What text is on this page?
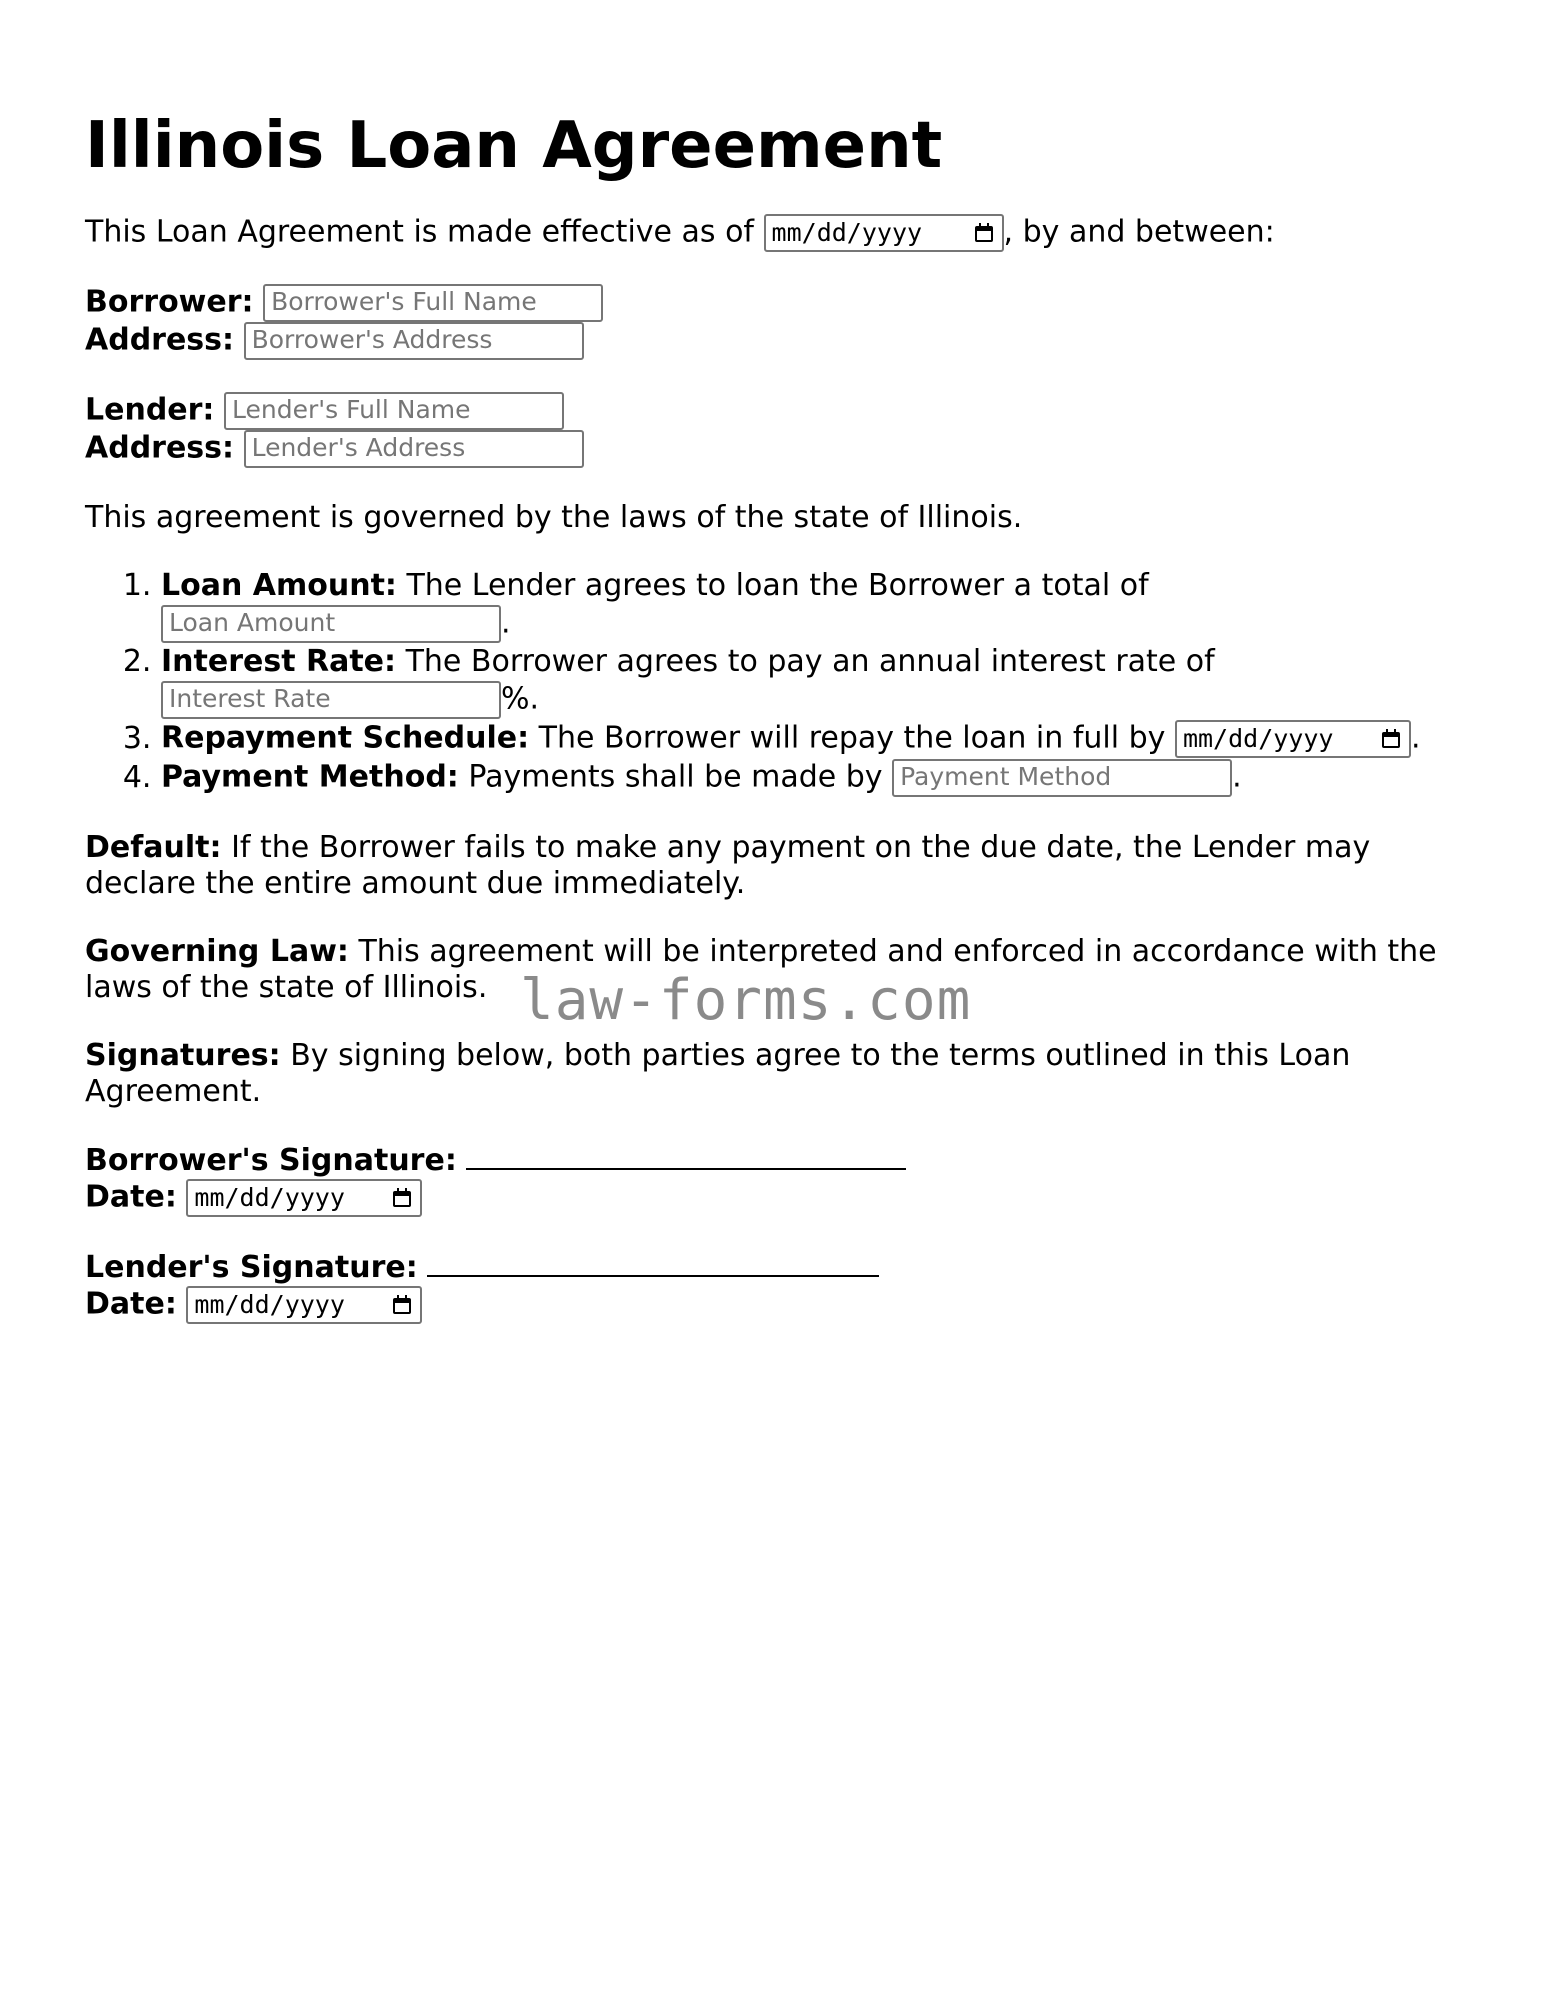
Illinois Loan Agreement

This Loan Agreement is made effective as of mm/dd/yyyy	, by and between:

Borrower: Borrower's Full Name
Address: Borrower's Address
Lender: Lender's Full Name
Address: Lender's Address

This agreement is governed by the laws of the state of Illinois.

1. Loan Amount: The Lender agrees to loan the Borrower a total of
Loan Amount	.
2. Interest Rate: The Borrower agrees to pay an annual interest rate of
Interest Rate	%.
3. Repayment Schedule: The Borrower will repay the loan in full by mm/dd/yyyy	.
4. Payment Method: Payments shall be made by Payment Method	.

Default: If the Borrower fails to make any payment on the due date, the Lender may declare the entire amount due immediately.

Governing Law: This agreement will be interpreted and enforced in accordance with the laws of the state of Illinois.

Signatures: By signing below, both parties agree to the terms outlined in this Loan Agreement.

Borrower's Signature:
Date: mm/dd/yyyy
Lender's Signature:
Date: mm/dd/yyyy
law-forms.com
